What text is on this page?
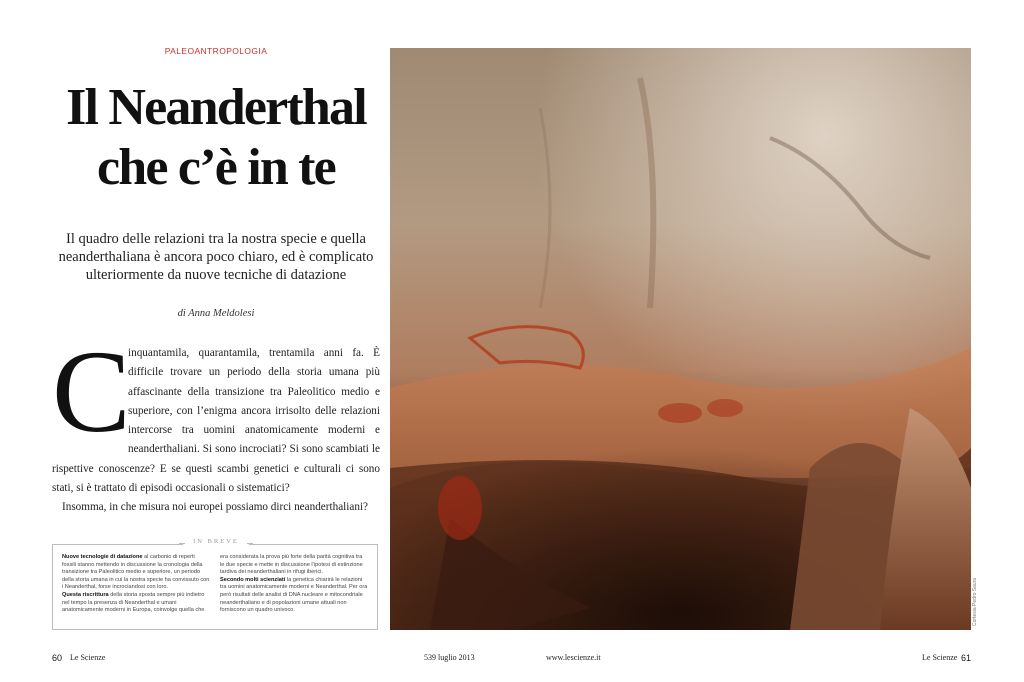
PALEOANTROPOLOGIA
Il Neanderthal
che c’è in te
Il quadro delle relazioni tra la nostra specie e quella neanderthaliana è ancora poco chiaro, ed è complicato ulteriormente da nuove tecniche di datazione
di Anna Meldolesi
C

inquantamila, quarantamila, trentamila anni fa. È difficile trovare un periodo della storia umana più affascinante della transizione tra Paleolitico medio e superiore, con l’enigma ancora irrisolto delle relazioni intercorse tra uomini anatomicamente moderni e neanderthaliani. Si sono incrociati? Si sono scambiati le rispettive conoscenze? E se questi scambi genetici e culturali ci sono stati, si è trattato di episodi occasionali o sistematici?

Insomma, in che misura noi europei possiamo dirci neanderthaliani?

IN BREVE

Nuove tecnologie di datazione al carbonio di reperti fossili stanno mettendo in discussione la cronologia della transizione tra Paleolitico medio e superiore, un periodo della storia umana in cui la nostra specie ha convissuto con i Neanderthal, forse incrociandosi con loro.

Questa riscrittura della storia sposta sempre più indietro nel tempo la presenza di Neanderthal e umani anatomicamente moderni in Europa, coinvolge quella che

era considerata la prova più forte della parità cognitiva tra le due specie e mette in discussione l’ipotesi di estinzione tardiva dei neanderthaliani in rifugi iberici.

Secondo molti scienziati la genetica chiarirà le relazioni tra uomini anatomicamente moderni e Neanderthal. Per ora però risultati delle analisi di DNA nucleare e mitocondriale neanderthaliano e di popolazioni umane attuali non forniscono un quadro univoco.	Cortesia Pedro Saura
60 Le Scienze	539 luglio 2013	www.lescienze.it	Le Scienze 61
